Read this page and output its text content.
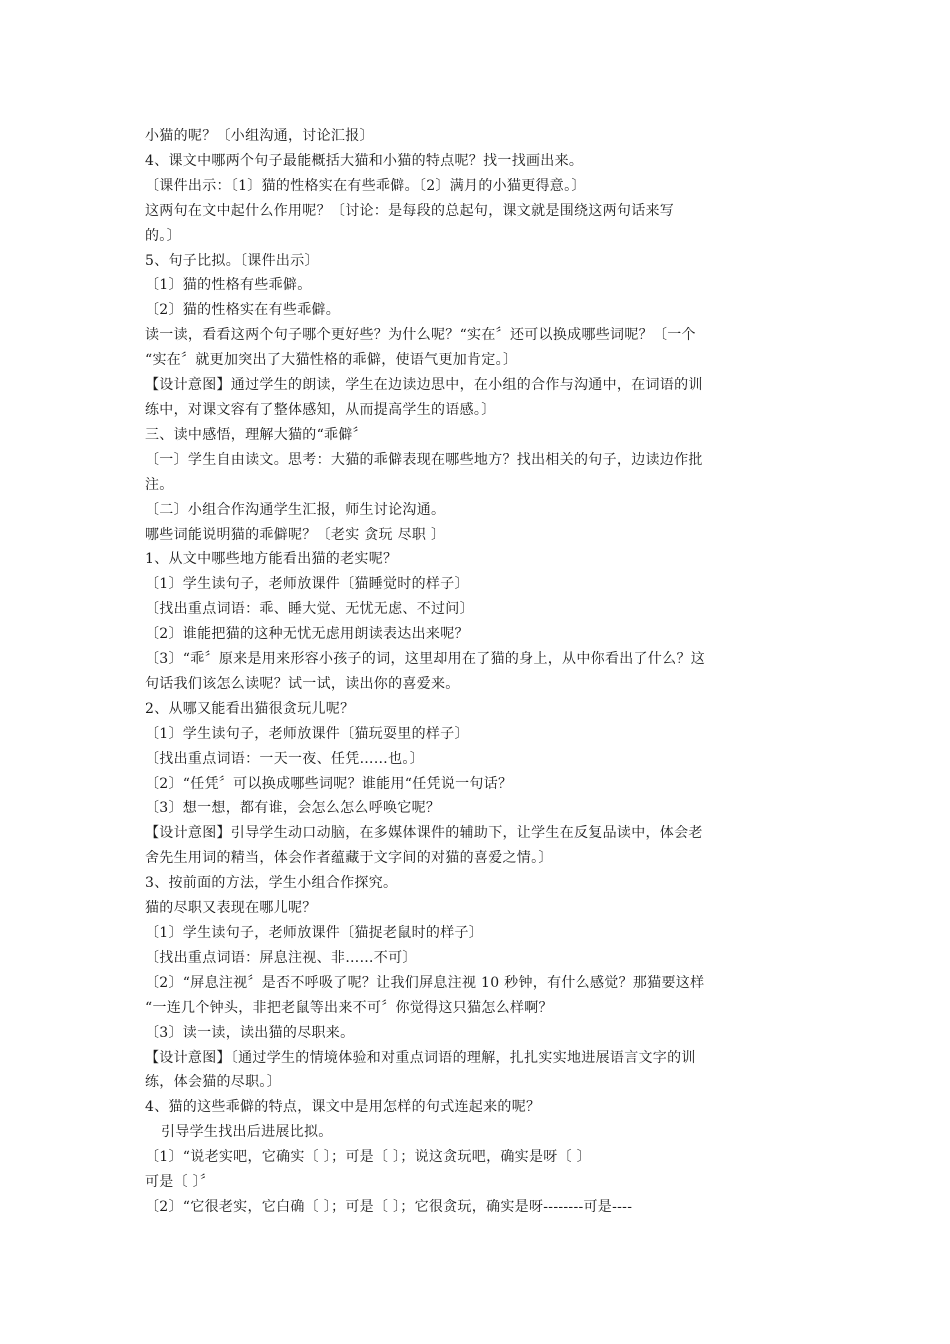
小猫的呢？〔小组沟通，讨论汇报〕
4、课文中哪两个句子最能概括大猫和小猫的特点呢？找一找画出来。
〔课件出示：〔1〕猫的性格实在有些乖僻。〔2〕满月的小猫更得意。〕
这两句在文中起什么作用呢？〔讨论：是每段的总起句，课文就是围绕这两句话来写
的。〕
5、句子比拟。〔课件出示〕
〔1〕猫的性格有些乖僻。
〔2〕猫的性格实在有些乖僻。
读一读，看看这两个句子哪个更好些？为什么呢？“实在〞还可以换成哪些词呢？〔一个
“实在〞就更加突出了大猫性格的乖僻，使语气更加肯定。〕
【设计意图】通过学生的朗读，学生在边读边思中，在小组的合作与沟通中，在词语的训
练中，对课文容有了整体感知，从而提高学生的语感。〕
三、读中感悟，理解大猫的“乖僻〞
〔一〕学生自由读文。思考：大猫的乖僻表现在哪些地方？找出相关的句子，边读边作批
注。
〔二〕小组合作沟通学生汇报，师生讨论沟通。
哪些词能说明猫的乖僻呢？〔老实 贪玩 尽职 〕
1、从文中哪些地方能看出猫的老实呢？
〔1〕学生读句子，老师放课件〔猫睡觉时的样子〕
〔找出重点词语：乖、睡大觉、无忧无虑、不过问〕
〔2〕谁能把猫的这种无忧无虑用朗读表达出来呢？
〔3〕“乖〞原来是用来形容小孩子的词，这里却用在了猫的身上，从中你看出了什么？这
句话我们该怎么读呢？试一试，读出你的喜爱来。
2、从哪又能看出猫很贪玩儿呢？
〔1〕学生读句子，老师放课件〔猫玩耍里的样子〕
〔找出重点词语：一天一夜、任凭……也。〕
〔2〕“任凭〞可以换成哪些词呢？谁能用“任凭说一句话？
〔3〕想一想，都有谁，会怎么怎么呼唤它呢？
【设计意图】引导学生动口动脑，在多媒体课件的辅助下，让学生在反复品读中，体会老
舍先生用词的精当，体会作者蕴藏于文字间的对猫的喜爱之情。〕
3、按前面的方法，学生小组合作探究。
猫的尽职又表现在哪儿呢？
〔1〕学生读句子，老师放课件〔猫捉老鼠时的样子〕
〔找出重点词语：屏息注视、非……不可〕
〔2〕“屏息注视〞是否不呼吸了呢？让我们屏息注视 10 秒钟，有什么感觉？那猫要这样
“一连几个钟头，非把老鼠等出来不可〞你觉得这只猫怎么样啊？
〔3〕读一读，读出猫的尽职来。
【设计意图】〔通过学生的情境体验和对重点词语的理解，扎扎实实地进展语言文字的训
练，体会猫的尽职。〕
4、猫的这些乖僻的特点，课文中是用怎样的句式连起来的呢？
引导学生找出后进展比拟。
〔1〕“说老实吧，它确实〔 〕；可是〔 〕；说这贪玩吧，确实是呀〔 〕
可是〔 〕〞
〔2〕“它很老实，它白确〔 〕；可是〔 〕；它很贪玩，确实是呀--------可是----
